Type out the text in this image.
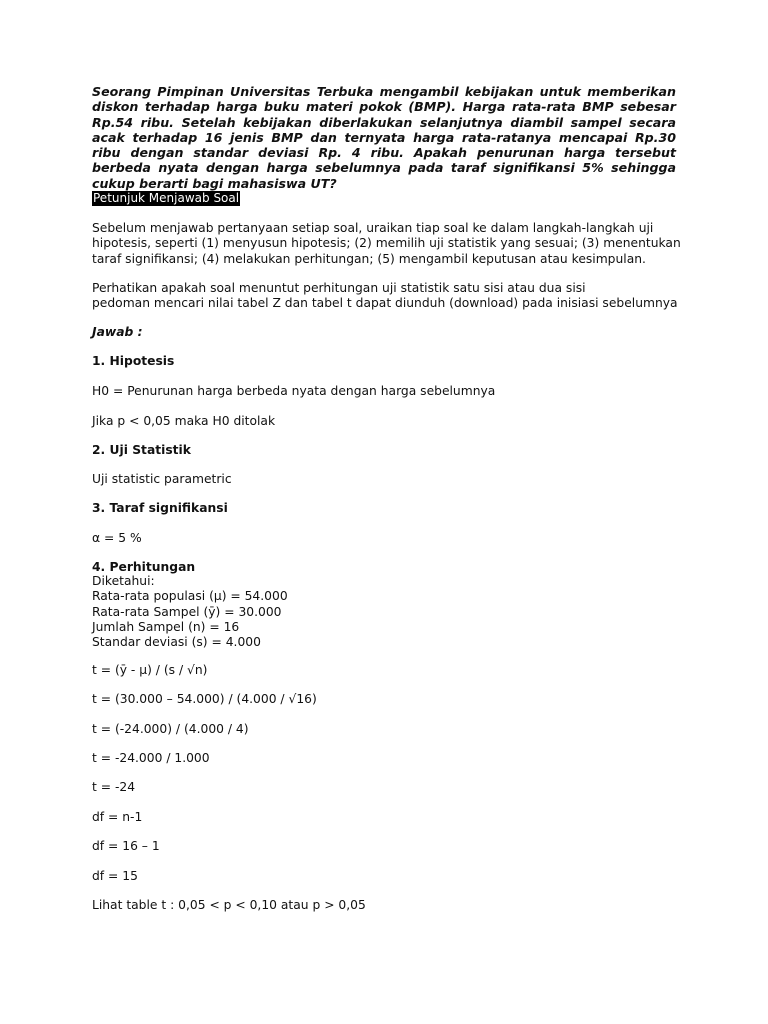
Seorang Pimpinan Universitas Terbuka mengambil kebijakan untuk memberikan diskon terhadap harga buku materi pokok (BMP). Harga rata-rata BMP sebesar Rp.54 ribu. Setelah kebijakan diberlakukan selanjutnya diambil sampel secara acak terhadap 16 jenis BMP dan ternyata harga rata-ratanya mencapai Rp.30 ribu dengan standar deviasi Rp. 4 ribu. Apakah penurunan harga tersebut berbeda nyata dengan harga sebelumnya pada taraf signifikansi 5% sehingga cukup berarti bagi mahasiswa UT?

Petunjuk Menjawab Soal

Sebelum menjawab pertanyaan setiap soal, uraikan tiap soal ke dalam langkah-langkah uji hipotesis, seperti (1) menyusun hipotesis; (2) memilih uji statistik yang sesuai; (3) menentukan taraf signifikansi; (4) melakukan perhitungan; (5) mengambil keputusan atau kesimpulan.

Perhatikan apakah soal menuntut perhitungan uji statistik satu sisi atau dua sisi

pedoman mencari nilai tabel Z dan tabel t dapat diunduh (download) pada inisiasi sebelumnya

Jawab :

1. Hipotesis

H0 = Penurunan harga berbeda nyata dengan harga sebelumnya

Jika p < 0,05 maka H0 ditolak

2. Uji Statistik

Uji statistic parametric

3. Taraf signifikansi

α = 5 %

4. Perhitungan

Diketahui:
Rata-rata populasi (μ) = 54.000
Rata-rata Sampel (ȳ) = 30.000
Jumlah Sampel (n) = 16
Standar deviasi (s) = 4.000

t = (ȳ - μ) / (s / √n)

t = (30.000 – 54.000) / (4.000 / √16)

t = (-24.000) / (4.000 / 4)

t = -24.000 / 1.000

t = -24

df = n-1

df = 16 – 1

df = 15

Lihat table t : 0,05 < p < 0,10 atau p > 0,05
